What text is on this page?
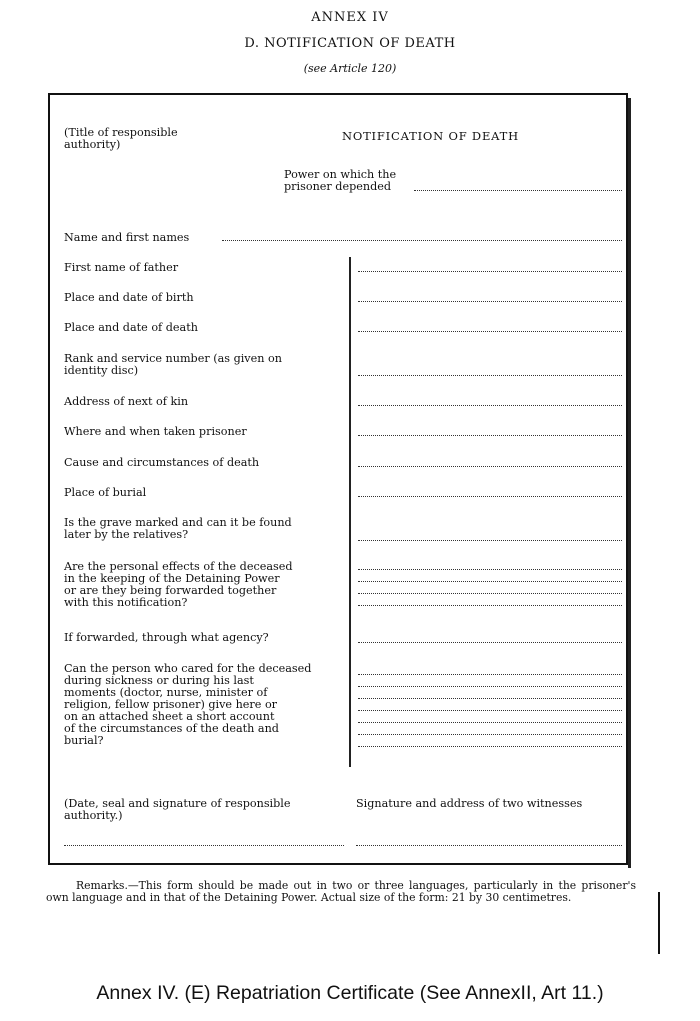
ANNEX IV
D. NOTIFICATION OF DEATH
(see Article 120)
(Title of responsible
authority)
NOTIFICATION OF DEATH
Power on which the
prisoner depended
Name and first names
First name of father
Place and date of birth
Place and date of death
Rank and service number (as given on
identity disc)
Address of next of kin
Where and when taken prisoner
Cause and circumstances of death
Place of burial
Is the grave marked and can it be found
later by the relatives?
Are the personal effects of the deceased
in the keeping of the Detaining Power
or are they being forwarded together
with this notification?
If forwarded, through what agency?
Can the person who cared for the deceased
during sickness or during his last
moments (doctor, nurse, minister of
religion, fellow prisoner) give here or
on an attached sheet a short account
of the circumstances of the death and
burial?
(Date, seal and signature of responsible
authority.)
Signature and address of two witnesses
Remarks.—This form should be made out in two or three languages, particularly in the prisoner's own language and in that of the Detaining Power. Actual size of the form: 21 by 30 centimetres.
Annex IV. (E) Repatriation Certificate (See AnnexII, Art 11.)
